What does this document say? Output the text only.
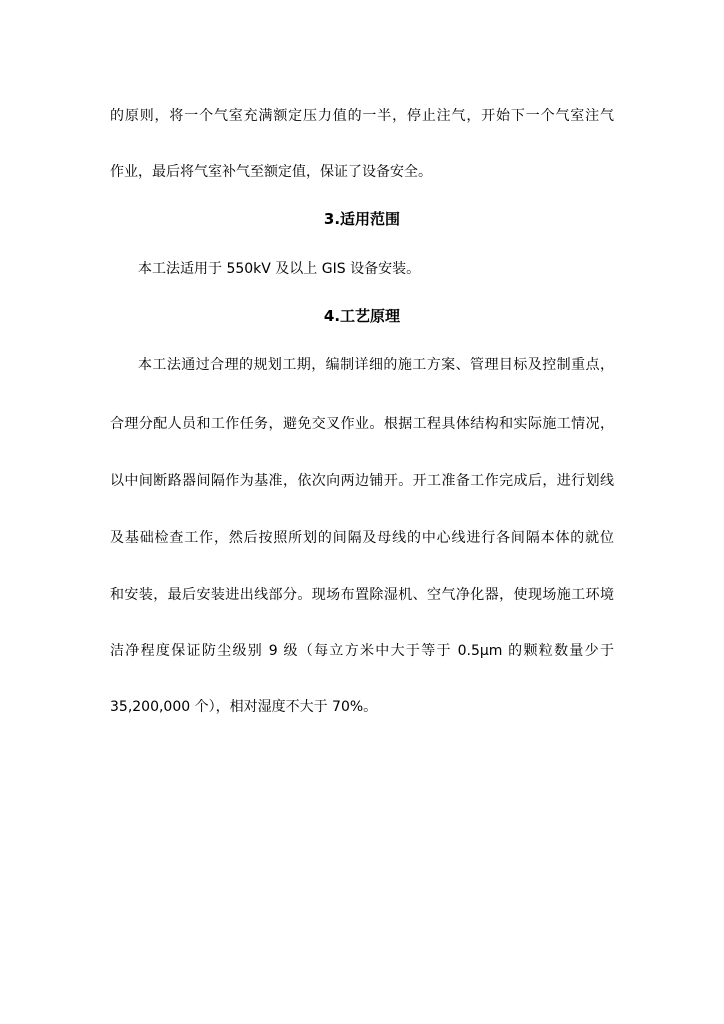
的原则，将一个气室充满额定压力值的一半，停止注气，开始下一个气室注气
作业，最后将气室补气至额定值，保证了设备安全。
3.适用范围
本工法适用于 550kV 及以上 GIS 设备安装。
4.工艺原理
本工法通过合理的规划工期，编制详细的施工方案、管理目标及控制重点，
合理分配人员和工作任务，避免交叉作业。根据工程具体结构和实际施工情况，
以中间断路器间隔作为基准，依次向两边铺开。开工准备工作完成后，进行划线
及基础检查工作，然后按照所划的间隔及母线的中心线进行各间隔本体的就位
和安装，最后安装进出线部分。现场布置除湿机、空气净化器，使现场施工环境
洁净程度保证防尘级别 9 级（每立方米中大于等于 0.5μm 的颗粒数量少于
35,200,000 个），相对湿度不大于 70%。
